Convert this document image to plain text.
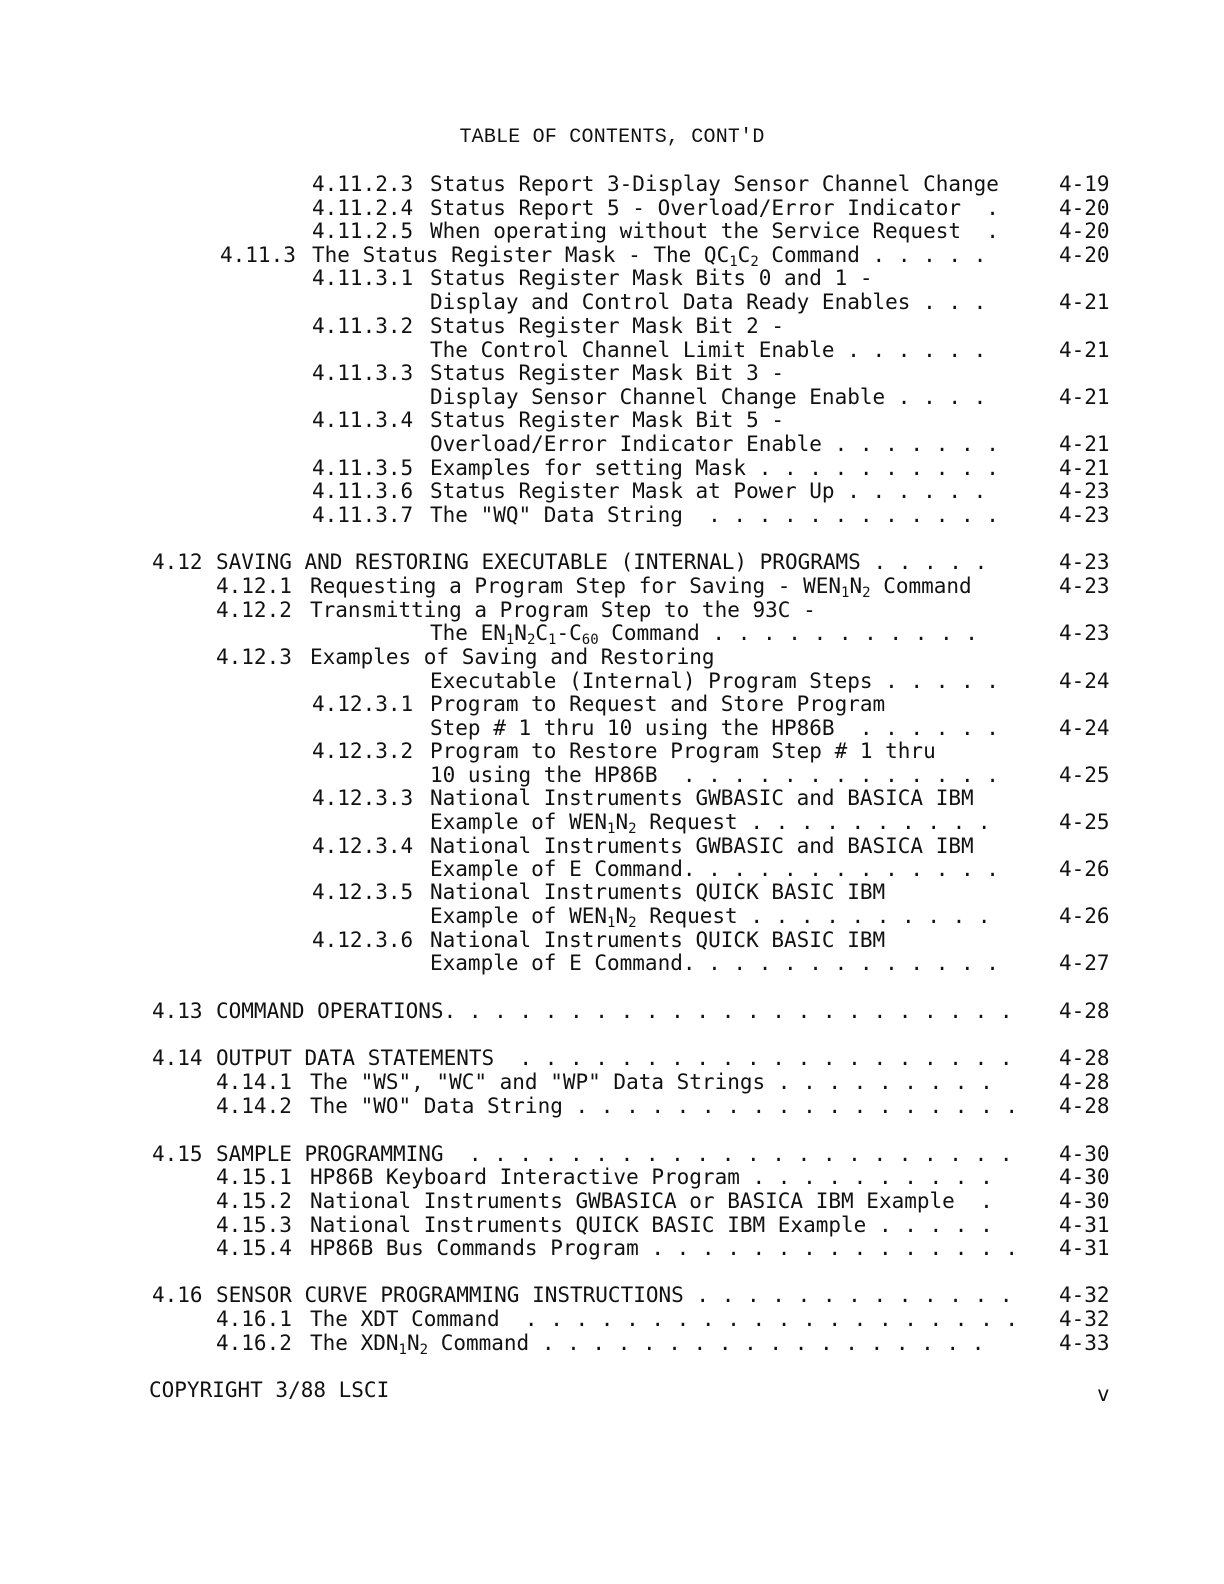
TABLE OF CONTENTS, CONT'D
4.11.2.3 Status Report 3-Display Sensor Channel Change	4-19
4.11.2.4 Status Report 5 - Overload/Error Indicator  .	4-20
4.11.2.5 When operating without the Service Request  .	4-20
4.11.3 The Status Register Mask - The $QC_1C_2$ Command . . . . .	4-20
4.11.3.1 Status Register Mask Bits 0 and 1 -
Display and Control Data Ready Enables . . .	4-21
4.11.3.2 Status Register Mask Bit 2 -
The Control Channel Limit Enable . . . . . .	4-21
4.11.3.3 Status Register Mask Bit 3 -
Display Sensor Channel Change Enable . . . .	4-21
4.11.3.4 Status Register Mask Bit 5 -
Overload/Error Indicator Enable . . . . . . .	4-21
4.11.3.5 Examples for setting Mask . . . . . . . . . .	4-21
4.11.3.6 Status Register Mask at Power Up . . . . . .	4-23
4.11.3.7 The "WQ" Data String  . . . . . . . . . . . .	4-23
4.12 SAVING AND RESTORING EXECUTABLE (INTERNAL) PROGRAMS . . . . .	4-23
4.12.1 Requesting a Program Step for Saving - $WEN_1N_2$ Command	4-23
4.12.2 Transmitting a Program Step to the 93C -
The $EN_1N_2C_1-C_{60}$ Command . . . . . . . . . . .	4-23
4.12.3 Examples of Saving and Restoring
Executable (Internal) Program Steps . . . . .	4-24
4.12.3.1 Program to Request and Store Program
Step # 1 thru 10 using the HP86B  . . . . . .	4-24
4.12.3.2 Program to Restore Program Step # 1 thru
10 using the HP86B  . . . . . . . . . . . . .	4-25
4.12.3.3 National Instruments GWBASIC and BASICA IBM
Example of $WEN_1N_2$ Request . . . . . . . . . .	4-25
4.12.3.4 National Instruments GWBASIC and BASICA IBM
Example of E Command. . . . . . . . . . . . .	4-26
4.12.3.5 National Instruments QUICK BASIC IBM
Example of $WEN_1N_2$ Request . . . . . . . . . .	4-26
4.12.3.6 National Instruments QUICK BASIC IBM
Example of E Command. . . . . . . . . . . . .	4-27
4.13 COMMAND OPERATIONS. . . . . . . . . . . . . . . . . . . . . . . 4-28
4.14 OUTPUT DATA STATEMENTS  . . . . . . . . . . . . . . . . . . . . 4-28
4.14.1 The "WS", "WC" and "WP" Data Strings . . . . . . . . .	4-28
4.14.2 The "WO" Data String . . . . . . . . . . . . . . . . . . 4-28
4.15 SAMPLE PROGRAMMING  . . . . . . . . . . . . . . . . . . . . . . 4-30
4.15.1 HP86B Keyboard Interactive Program . . . . . . . . . .	4-30
4.15.2 National Instruments GWBASICA or BASICA IBM Example  .	4-30
4.15.3 National Instruments QUICK BASIC IBM Example . . . . .	4-31
4.15.4 HP86B Bus Commands Program . . . . . . . . . . . . . . . 4-31
4.16 SENSOR CURVE PROGRAMMING INSTRUCTIONS . . . . . . . . . . . . . 4-32
4.16.1 The XDT Command  . . . . . . . . . . . . . . . . . . . . 4-32
4.16.2 The $XDN_1N_2$ Command . . . . . . . . . . . . . . . . . .	4-33
COPYRIGHT 3/88 LSCI	v
